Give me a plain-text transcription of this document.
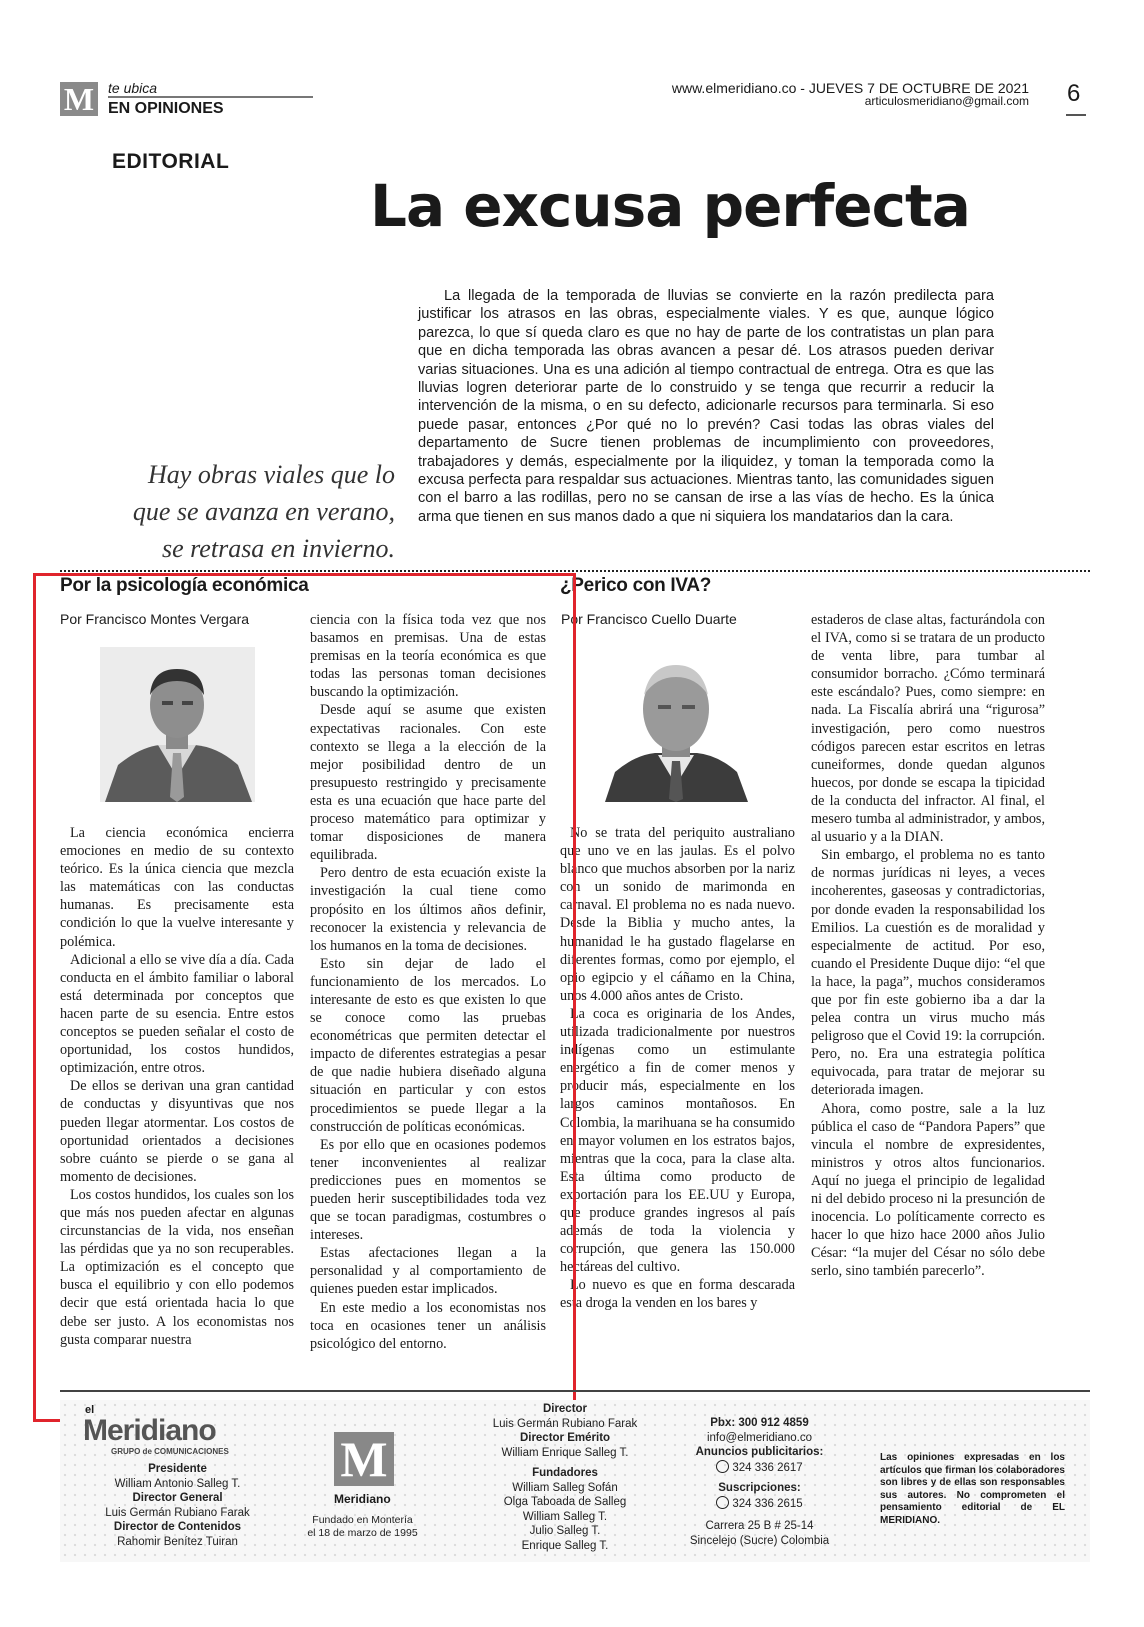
M te ubica
EN OPINIONES
www.elmeridiano.co - JUEVES 7 DE OCTUBRE DE 2021
articulosmeridiano@gmail.com 6
EDITORIAL
La excusa perfecta
Hay obras viales que lo que se avanza en verano, se retrasa en invierno.
La llegada de la temporada de lluvias se convierte en la razón predilecta para justificar los atrasos en las obras, especialmente viales. Y es que, aunque lógico parezca, lo que sí queda claro es que no hay de parte de los contratistas un plan para que en dicha temporada las obras avancen a pesar dé. Los atrasos pueden derivar varias situaciones. Una es una adición al tiempo contractual de entrega. Otra es que las lluvias logren deteriorar parte de lo construido y se tenga que recurrir a reducir la intervención de la misma, o en su defecto, adicionarle recursos para terminarla. Si eso puede pasar, entonces ¿Por qué no lo prevén? Casi todas las obras viales del departamento de Sucre tienen problemas de incumplimiento con proveedores, trabajadores y demás, especialmente por la iliquidez, y toman la temporada como la excusa perfecta para respaldar sus actuaciones. Mientras tanto, las comunidades siguen con el barro a las rodillas, pero no se cansan de irse a las vías de hecho. Es la única arma que tienen en sus manos dado a que ni siquiera los mandatarios dan la cara.
Por la psicología económica
Por Francisco Montes Vergara

La ciencia económica encierra emociones en medio de su contexto teórico. Es la única ciencia que mezcla las matemáticas con las conductas humanas. Es precisamente esta condición lo que la vuelve interesante y polémica.

Adicional a ello se vive día a día. Cada conducta en el ámbito familiar o laboral está determinada por conceptos que hacen parte de su esencia. Entre estos conceptos se pueden señalar el costo de oportunidad, los costos hundidos, optimización, entre otros.

De ellos se derivan una gran cantidad de conductas y disyuntivas que nos pueden llegar atormentar. Los costos de oportunidad orientados a decisiones sobre cuánto se pierde o se gana al momento de decisiones.

Los costos hundidos, los cuales son los que más nos pueden afectar en algunas circunstancias de la vida, nos enseñan las pérdidas que ya no son recuperables. La optimización es el concepto que busca el equilibrio y con ello podemos decir que está orientada hacia lo que debe ser justo. A los economistas nos gusta comparar nuestra

ciencia con la física toda vez que nos basamos en premisas. Una de estas premisas en la teoría económica es que todas las personas toman decisiones buscando la optimización.

Desde aquí se asume que existen expectativas racionales. Con este contexto se llega a la elección de la mejor posibilidad dentro de un presupuesto restringido y precisamente esta es una ecuación que hace parte del proceso matemático para optimizar y tomar disposiciones de manera equilibrada.

Pero dentro de esta ecuación existe la investigación la cual tiene como propósito en los últimos años definir, reconocer la existencia y relevancia de los humanos en la toma de decisiones.

Esto sin dejar de lado el funcionamiento de los mercados. Lo interesante de esto es que existen lo que se conoce como las pruebas econométricas que permiten detectar el impacto de diferentes estrategias a pesar de que nadie hubiera diseñado alguna situación en particular y con estos procedimientos se puede llegar a la construcción de políticas económicas.

Es por ello que en ocasiones podemos tener inconvenientes al realizar predicciones pues en momentos se pueden herir susceptibilidades toda vez que se tocan paradigmas, costumbres o intereses.

Estas afectaciones llegan a la personalidad y al comportamiento de quienes pueden estar implicados.

En este medio a los economistas nos toca en ocasiones tener un análisis psicológico del entorno.

¿Perico con IVA?
Por Francisco Cuello Duarte

No se trata del periquito australiano que uno ve en las jaulas. Es el polvo blanco que muchos absorben por la nariz con un sonido de marimonda en carnaval. El problema no es nada nuevo. Desde la Biblia y mucho antes, la humanidad le ha gustado flagelarse en diferentes formas, como por ejemplo, el opio egipcio y el cáñamo en la China, unos 4.000 años antes de Cristo.

La coca es originaria de los Andes, utilizada tradicionalmente por nuestros indígenas como un estimulante energético a fin de comer menos y producir más, especialmente en los largos caminos montañosos. En Colombia, la marihuana se ha consumido en mayor volumen en los estratos bajos, mientras que la coca, para la clase alta. Esta última como producto de exportación para los EE.UU y Europa, que produce grandes ingresos al país además de toda la violencia y corrupción, que genera las 150.000 hectáreas del cultivo.

Lo nuevo es que en forma descarada esta droga la venden en los bares y

estaderos de clase altas, facturándola con el IVA, como si se tratara de un producto de venta libre, para tumbar al consumidor borracho. ¿Cómo terminará este escándalo? Pues, como siempre: en nada. La Fiscalía abrirá una “rigurosa” investigación, pero como nuestros códigos parecen estar escritos en letras cuneiformes, donde quedan algunos huecos, por donde se escapa la tipicidad de la conducta del infractor. Al final, el mesero tumba al administrador, y ambos, al usuario y a la DIAN.

Sin embargo, el problema no es tanto de normas jurídicas ni leyes, a veces incoherentes, gaseosas y contradictorias, por donde evaden la responsabilidad los Emilios. La cuestión es de moralidad y especialmente de actitud. Por eso, cuando el Presidente Duque dijo: “el que la hace, la paga”, muchos consideramos que por fin este gobierno iba a dar la pelea contra un virus mucho más peligroso que el Covid 19: la corrupción. Pero, no. Era una estrategia política equivocada, para tratar de mejorar su deteriorada imagen.

Ahora, como postre, sale a la luz pública el caso de “Pandora Papers” que vincula el nombre de expresidentes, ministros y otros altos funcionarios. Aquí no juega el principio de legalidad ni del debido proceso ni la presunción de inocencia. Lo políticamente correcto es hacer lo que hizo hace 2000 años Julio César: “la mujer del César no sólo debe serlo, sino también parecerlo”.

el
Meridiano
GRUPO de COMUNICACIONES
Presidente
William Antonio Salleg T.
Director General
Luis Germán Rubiano Farak
Director de Contenidos
Rahomir Benítez Tuiran
M
Meridiano
Fundado en Montería
el 18 de marzo de 1995
Director
Luis Germán Rubiano Farak
Director Emérito
William Enrique Salleg T.
Fundadores
William Salleg Sofán
Olga Taboada de Salleg
William Salleg T.
Julio Salleg T.
Enrique Salleg T.
Pbx: 300 912 4859
info@elmeridiano.co
Anuncios publicitarios:
324 336 2617
Suscripciones:
324 336 2615
Carrera 25 B # 25-14
Sincelejo (Sucre) Colombia
Las opiniones expresadas en los artículos que firman los colaboradores son libres y de ellas son responsables sus autores. No comprometen el pensamiento editorial de EL MERIDIANO.
